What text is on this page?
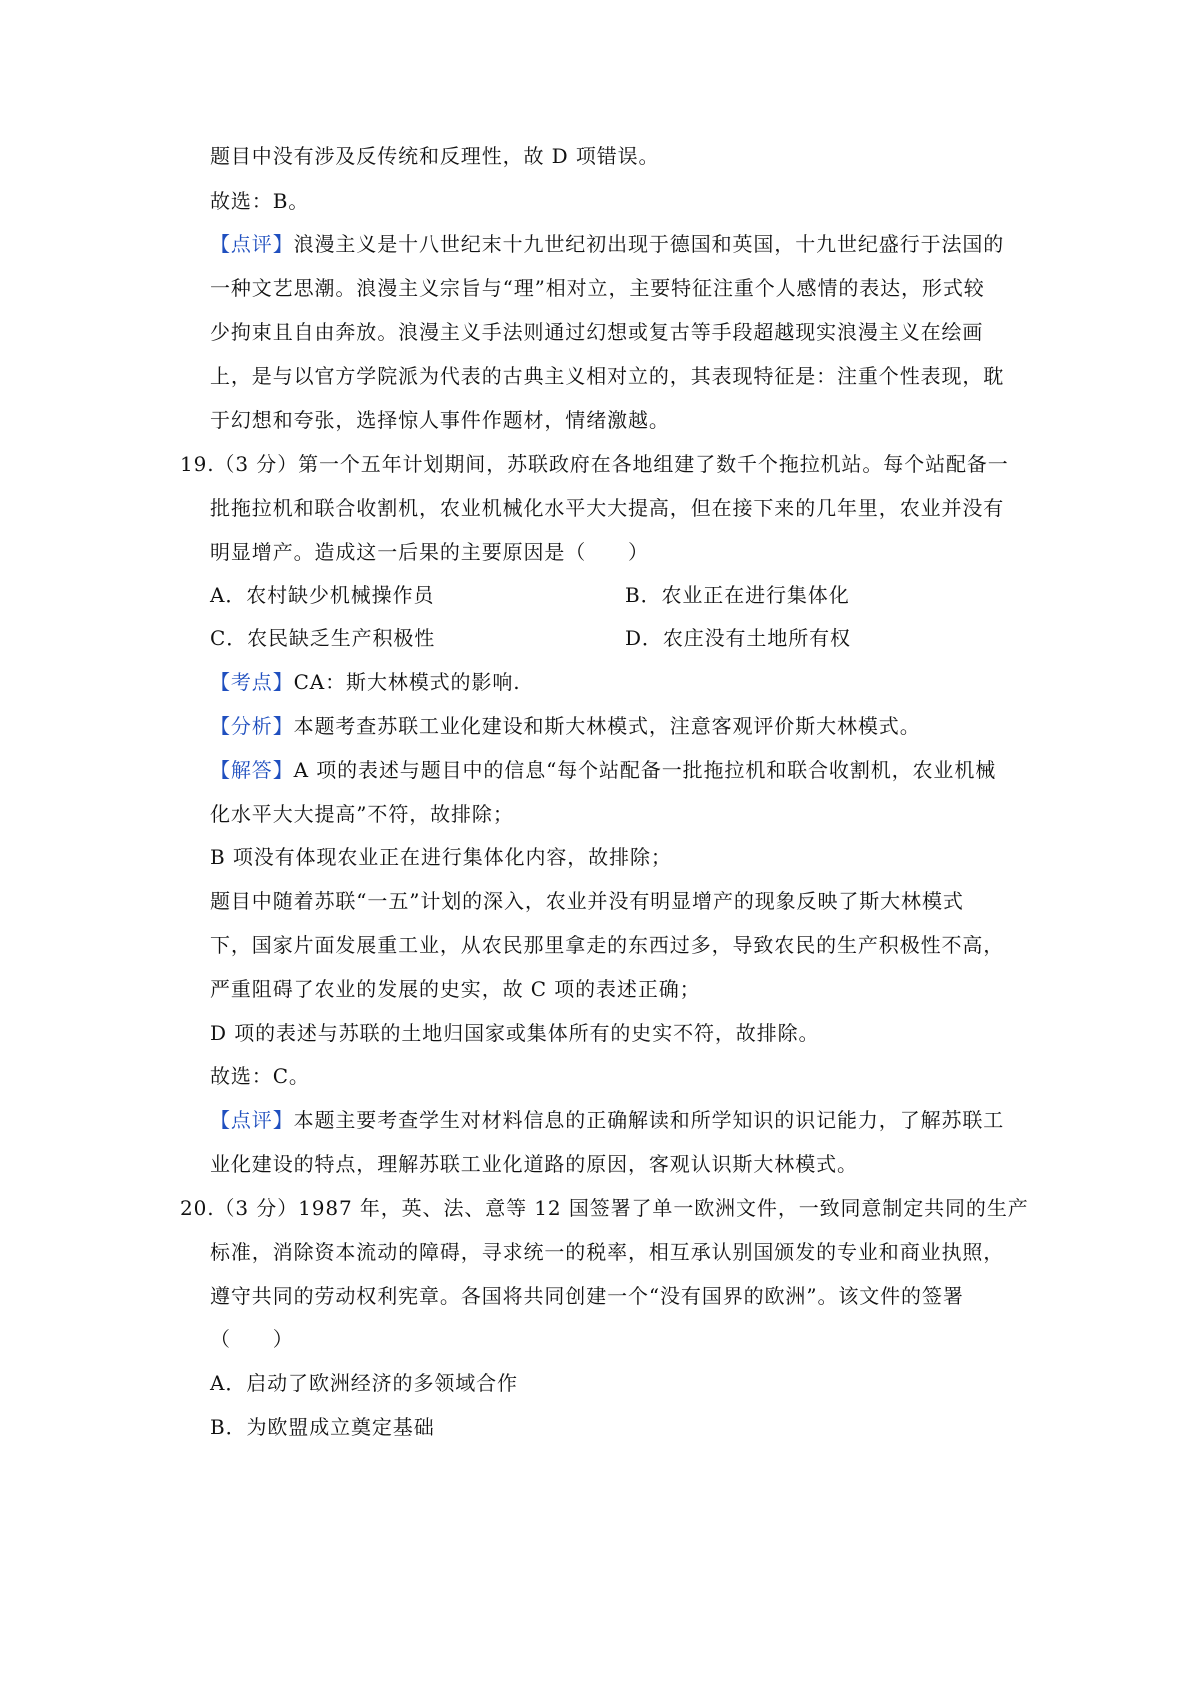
题目中没有涉及反传统和反理性，故 D 项错误。
故选：B。
【点评】浪漫主义是十八世纪末十九世纪初出现于德国和英国，十九世纪盛行于法国的
一种文艺思潮。浪漫主义宗旨与“理”相对立，主要特征注重个人感情的表达，形式较
少拘束且自由奔放。浪漫主义手法则通过幻想或复古等手段超越现实浪漫主义在绘画
上，是与以官方学院派为代表的古典主义相对立的，其表现特征是：注重个性表现，耽
于幻想和夸张，选择惊人事件作题材，情绪激越。
19.（3 分）第一个五年计划期间，苏联政府在各地组建了数千个拖拉机站。每个站配备一
批拖拉机和联合收割机，农业机械化水平大大提高，但在接下来的几年里，农业并没有
明显增产。造成这一后果的主要原因是（　　）
A．农村缺少机械操作员	B．农业正在进行集体化
C．农民缺乏生产积极性	D．农庄没有土地所有权
【考点】CA：斯大林模式的影响.
【分析】本题考查苏联工业化建设和斯大林模式，注意客观评价斯大林模式。
【解答】A 项的表述与题目中的信息“每个站配备一批拖拉机和联合收割机，农业机械
化水平大大提高”不符，故排除；
B 项没有体现农业正在进行集体化内容，故排除；
题目中随着苏联“一五”计划的深入，农业并没有明显增产的现象反映了斯大林模式
下，国家片面发展重工业，从农民那里拿走的东西过多，导致农民的生产积极性不高，
严重阻碍了农业的发展的史实，故 C 项的表述正确；
D 项的表述与苏联的土地归国家或集体所有的史实不符，故排除。
故选：C。
【点评】本题主要考查学生对材料信息的正确解读和所学知识的识记能力，了解苏联工
业化建设的特点，理解苏联工业化道路的原因，客观认识斯大林模式。
20.（3 分）1987 年，英、法、意等 12 国签署了单一欧洲文件，一致同意制定共同的生产
标准，消除资本流动的障碍，寻求统一的税率，相互承认别国颁发的专业和商业执照，
遵守共同的劳动权利宪章。各国将共同创建一个“没有国界的欧洲”。该文件的签署
（　　）
A．启动了欧洲经济的多领域合作
B．为欧盟成立奠定基础
